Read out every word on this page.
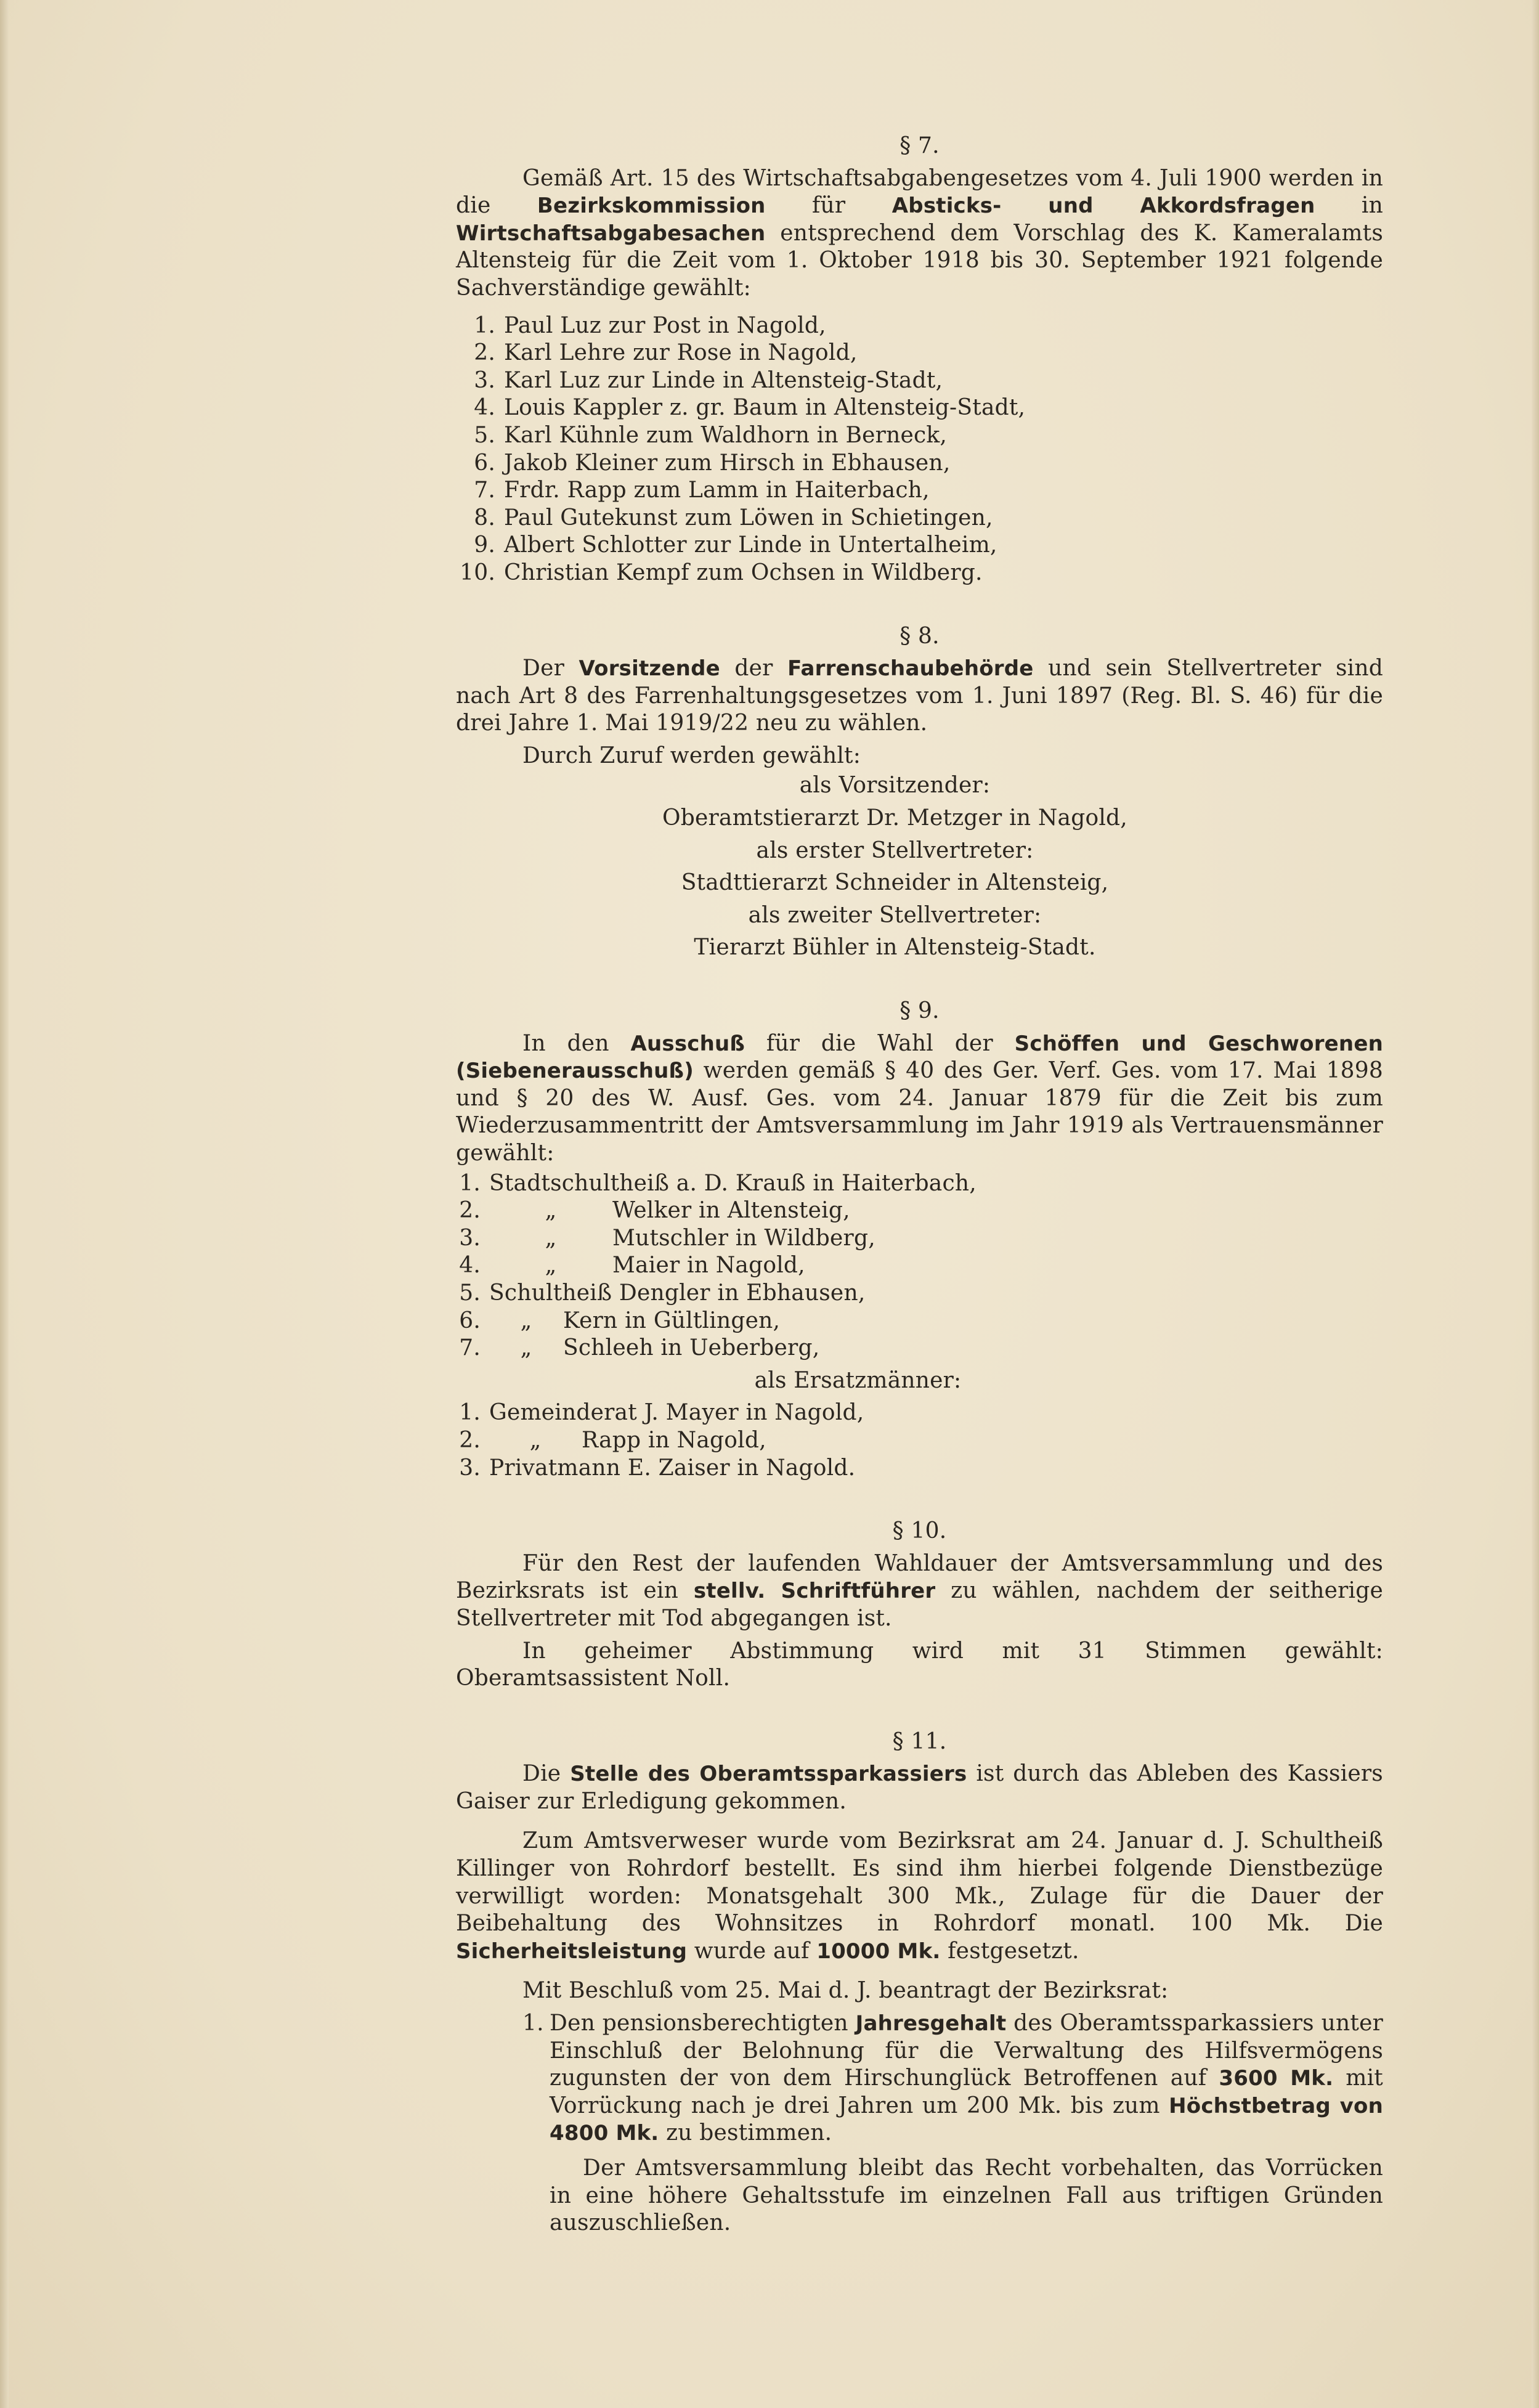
§ 7.

Gemäß Art. 15 des Wirtschaftsabgabengesetzes vom 4. Juli 1900 werden in die Bezirkskommission für Absticks- und Akkordsfragen in Wirtschaftsabgabesachen entsprechend dem Vorschlag des K. Kameralamts Altensteig für die Zeit vom 1. Oktober 1918 bis 30. September 1921 folgende Sachverständige gewählt:

1. Paul Luz zur Post in Nagold,
2. Karl Lehre zur Rose in Nagold,
3. Karl Luz zur Linde in Altensteig-Stadt,
4. Louis Kappler z. gr. Baum in Altensteig-Stadt,
5. Karl Kühnle zum Waldhorn in Berneck,
6. Jakob Kleiner zum Hirsch in Ebhausen,
7. Frdr. Rapp zum Lamm in Haiterbach,
8. Paul Gutekunst zum Löwen in Schietingen,
9. Albert Schlotter zur Linde in Untertalheim,
10. Christian Kempf zum Ochsen in Wildberg.

§ 8.

Der Vorsitzende der Farrenschaubehörde und sein Stellvertreter sind nach Art 8 des Farrenhaltungsgesetzes vom 1. Juni 1897 (Reg. Bl. S. 46) für die drei Jahre 1. Mai 1919/22 neu zu wählen.

Durch Zuruf werden gewählt:

als Vorsitzender:

Oberamtstierarzt Dr. Metzger in Nagold,

als erster Stellvertreter:

Stadttierarzt Schneider in Altensteig,

als zweiter Stellvertreter:

Tierarzt Bühler in Altensteig-Stadt.

§ 9.

In den Ausschuß für die Wahl der Schöffen und Geschworenen (Siebenerausschuß) werden gemäß § 40 des Ger. Verf. Ges. vom 17. Mai 1898 und § 20 des W. Ausf. Ges. vom 24. Januar 1879 für die Zeit bis zum Wiederzusammentritt der Amtsversammlung im Jahr 1919 als Vertrauensmänner gewählt:

1. Stadtschultheiß a. D.
Krauß in Haiterbach,
2.	„	Welker in Altensteig,
3.	„	Mutschler in Wildberg,
4.	„	Maier in Nagold,
5. Schultheiß
Dengler in Ebhausen,
6.	„	Kern in Gültlingen,
7.	„	Schleeh in Ueberberg,

als Ersatzmänner:

1. Gemeinderat
J. Mayer in Nagold,
2.	„	Rapp in Nagold,
3. Privatmann
E. Zaiser in Nagold.

§ 10.

Für den Rest der laufenden Wahldauer der Amtsversammlung und des Bezirksrats ist ein stellv. Schriftführer zu wählen, nachdem der seitherige Stellvertreter mit Tod abgegangen ist.

In geheimer Abstimmung wird mit 31 Stimmen gewählt: Oberamtsassistent Noll.

§ 11.

Die Stelle des Oberamtssparkassiers ist durch das Ableben des Kassiers Gaiser zur Erledigung gekommen.

Zum Amtsverweser wurde vom Bezirksrat am 24. Januar d. J. Schultheiß Killinger von Rohrdorf bestellt. Es sind ihm hierbei folgende Dienstbezüge verwilligt worden: Monatsgehalt 300 Mk., Zulage für die Dauer der Beibehaltung des Wohnsitzes in Rohrdorf monatl. 100 Mk. Die Sicherheitsleistung wurde auf 10000 Mk. festgesetzt.

Mit Beschluß vom 25. Mai d. J. beantragt der Bezirksrat:

1. Den pensionsberechtigten Jahresgehalt des Oberamtssparkassiers unter Einschluß der Belohnung für die Verwaltung des Hilfsvermögens zugunsten der von dem Hirschunglück Betroffenen auf 3600 Mk. mit Vorrückung nach je drei Jahren um 200 Mk. bis zum Höchstbetrag von 4800 Mk. zu bestimmen.

Der Amtsversammlung bleibt das Recht vorbehalten, das Vorrücken in eine höhere Gehaltsstufe im einzelnen Fall aus triftigen Gründen auszuschließen.
